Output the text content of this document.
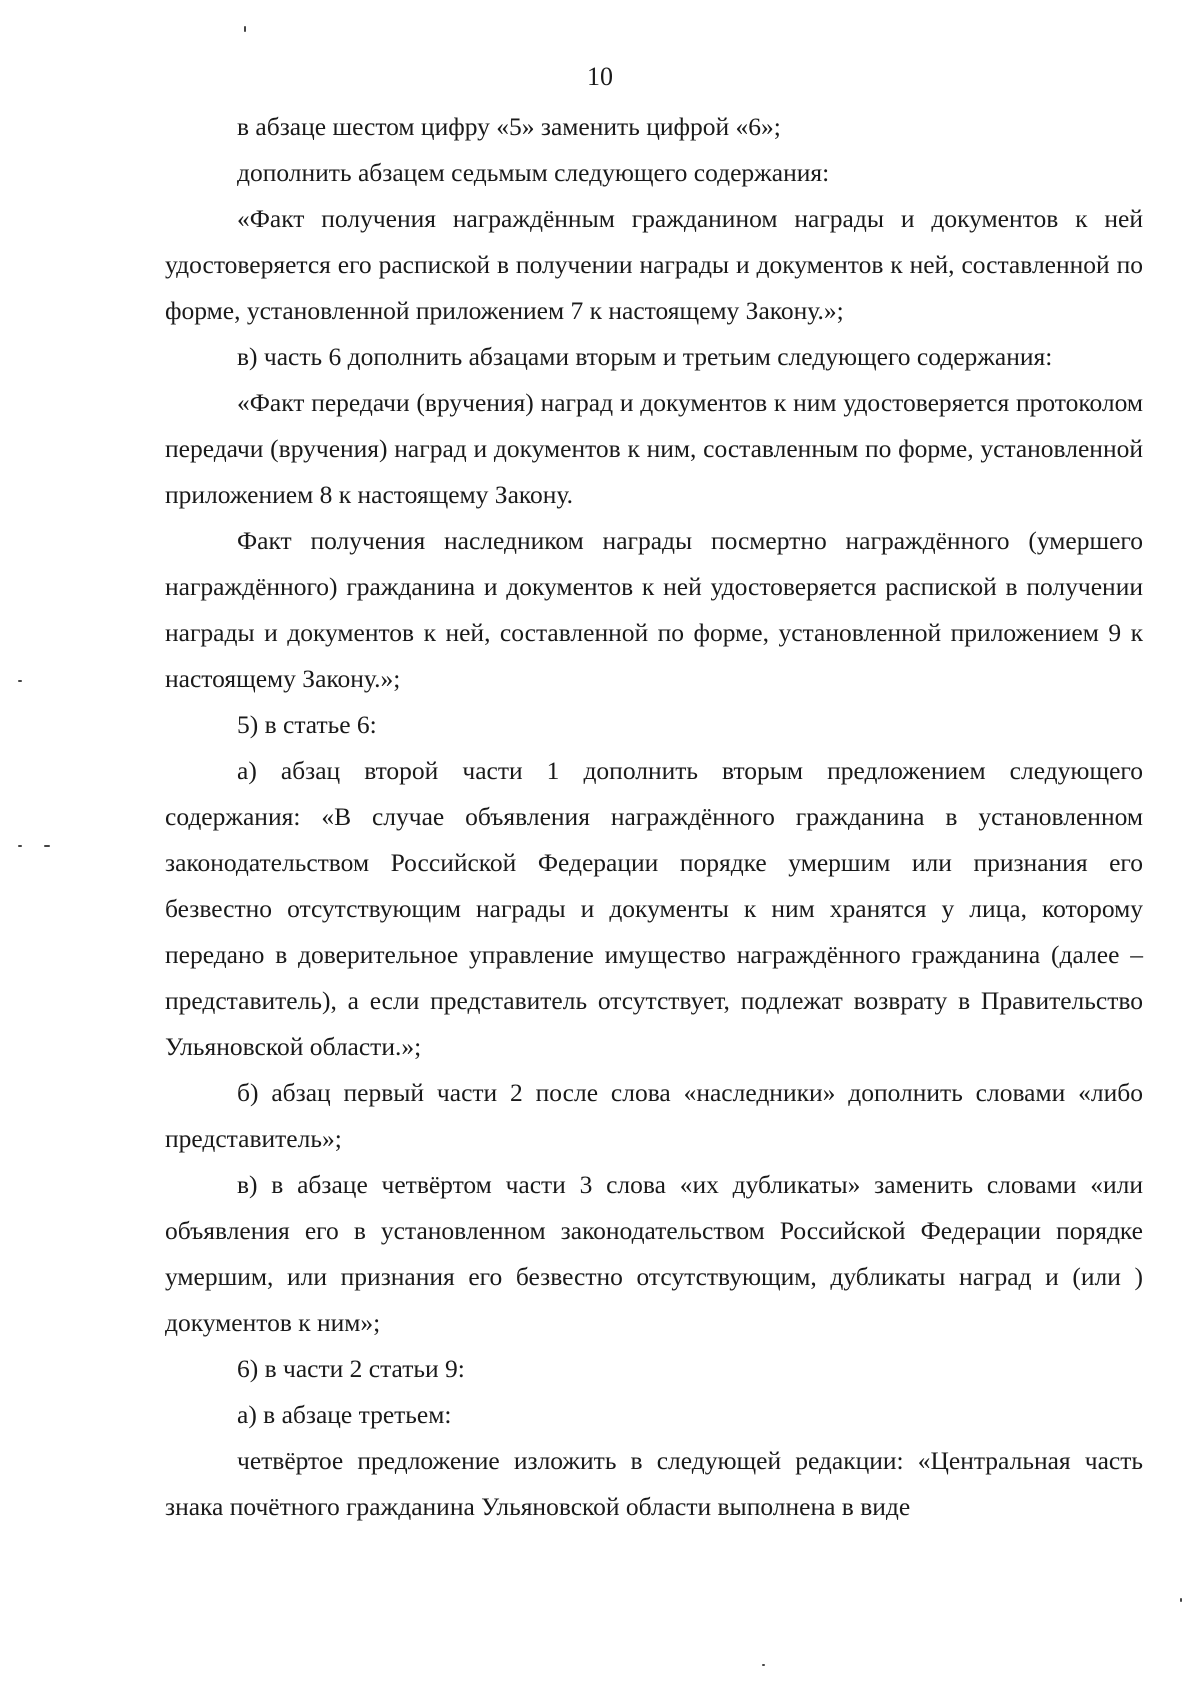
10

в абзаце шестом цифру «5» заменить цифрой «6»;

дополнить абзацем седьмым следующего содержания:

«Факт получения награждённым гражданином награды и документов к ней удостоверяется его распиской в получении награды и документов к ней, составленной по форме, установленной приложением 7 к настоящему Закону.»;

в) часть 6 дополнить абзацами вторым и третьим следующего содержания:

«Факт передачи (вручения) наград и документов к ним удостоверяется протоколом передачи (вручения) наград и документов к ним, составленным по форме, установленной приложением 8 к настоящему Закону.

Факт получения наследником награды посмертно награждённого (умершего награждённого) гражданина и документов к ней удостоверяется распиской в получении награды и документов к ней, составленной по форме, установленной приложением 9 к настоящему Закону.»;

5) в статье 6:

а) абзац второй части 1 дополнить вторым предложением следующего содержания: «В случае объявления награждённого гражданина в установленном законодательством Российской Федерации порядке умершим или признания его безвестно отсутствующим награды и документы к ним хранятся у лица, которому передано в доверительное управление имущество награждённого гражданина (далее – представитель), а если представитель отсутствует, подлежат возврату в Правительство Ульяновской области.»;

б) абзац первый части 2 после слова «наследники» дополнить словами «либо представитель»;

в) в абзаце четвёртом части 3 слова «их дубликаты» заменить словами «или объявления его в установленном законодательством Российской Федерации порядке умершим, или признания его безвестно отсутствующим, дубликаты наград и (или ) документов к ним»;

6) в части 2 статьи 9:

а) в абзаце третьем:

четвёртое предложение изложить в следующей редакции: «Центральная часть знака почётного гражданина Ульяновской области выполнена в виде
